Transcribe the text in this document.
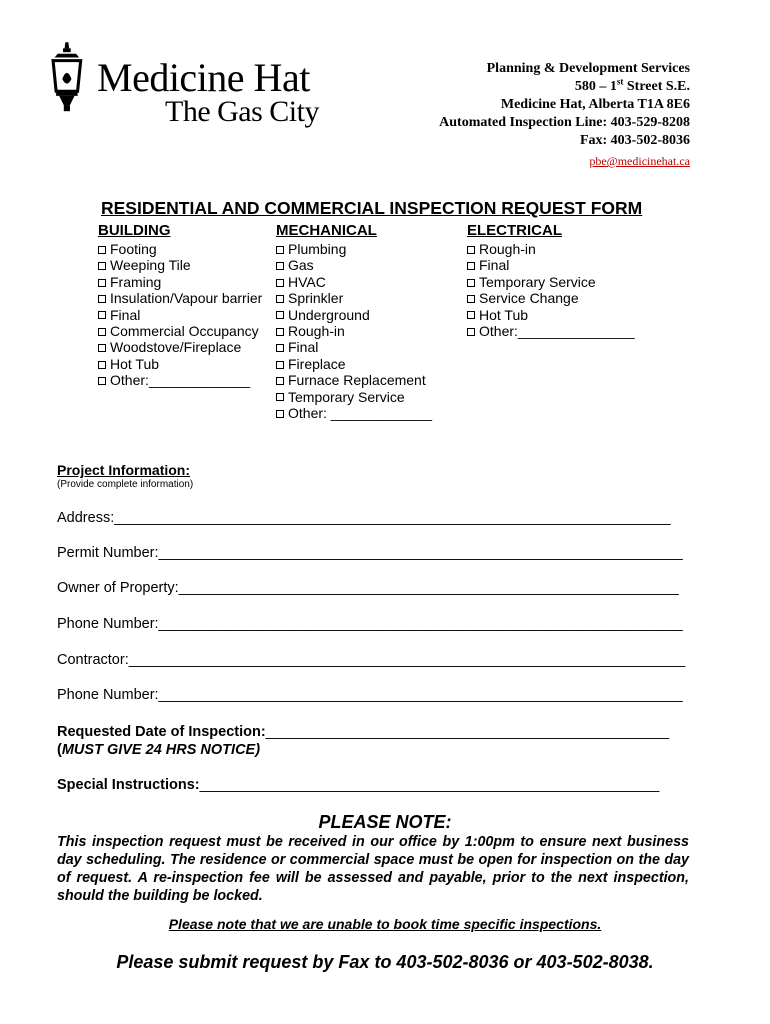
Medicine Hat
The Gas City
Planning & Development Services
580 – 1st Street S.E.
Medicine Hat, Alberta T1A 8E6
Automated Inspection Line: 403-529-8208
Fax: 403-502-8036
pbe@medicinehat.ca
RESIDENTIAL AND COMMERCIAL INSPECTION REQUEST FORM
BUILDING
Footing
Weeping Tile
Framing
Insulation/Vapour barrier
Final
Commercial Occupancy
Woodstove/Fireplace
Hot Tub
Other:_____________
MECHANICAL
Plumbing
Gas
HVAC
Sprinkler
Underground
Rough-in
Final
Fireplace
Furnace Replacement
Temporary Service
Other: _____________
ELECTRICAL
Rough-in
Final
Temporary Service
Service Change
Hot Tub
Other:_______________
Project Information:
(Provide complete information)
Address:_____________________________________________________________________
Permit Number:_________________________________________________________________
Owner of Property:______________________________________________________________
Phone Number:_________________________________________________________________
Contractor:_____________________________________________________________________
Phone Number:_________________________________________________________________
Requested Date of Inspection:__________________________________________________
(MUST GIVE 24 HRS NOTICE)
Special Instructions:_________________________________________________________
PLEASE NOTE:
This inspection request must be received in our office by 1:00pm to ensure next business day scheduling. The residence or commercial space must be open for inspection on the day of request. A re-inspection fee will be assessed and payable, prior to the next inspection, should the building be locked.
Please note that we are unable to book time specific inspections.
Please submit request by Fax to 403-502-8036 or 403-502-8038.
